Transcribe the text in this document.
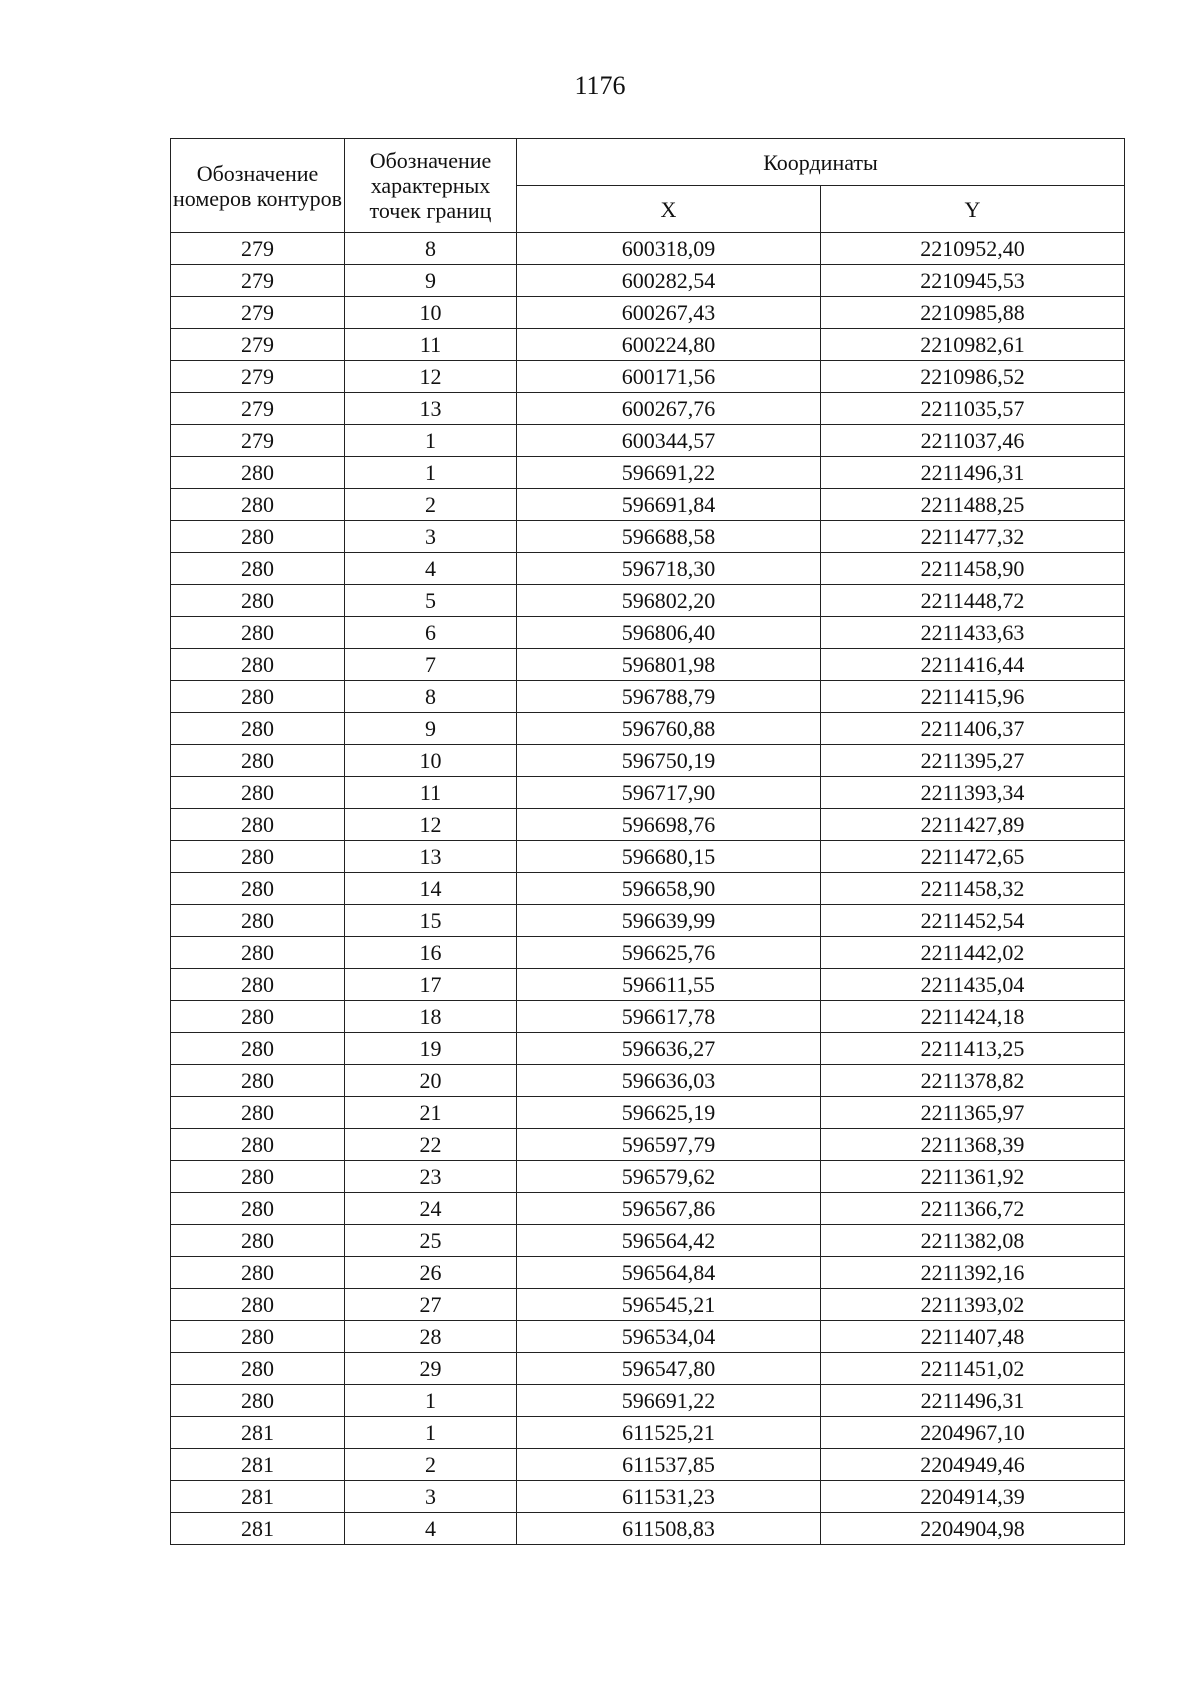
1176
Обозначение номеров контуров	Обозначение характерных точек границ	Координаты	
		X	Y
279	8	600318,09	2210952,40
279	9	600282,54	2210945,53
279	10	600267,43	2210985,88
279	11	600224,80	2210982,61
279	12	600171,56	2210986,52
279	13	600267,76	2211035,57
279	1	600344,57	2211037,46
280	1	596691,22	2211496,31
280	2	596691,84	2211488,25
280	3	596688,58	2211477,32
280	4	596718,30	2211458,90
280	5	596802,20	2211448,72
280	6	596806,40	2211433,63
280	7	596801,98	2211416,44
280	8	596788,79	2211415,96
280	9	596760,88	2211406,37
280	10	596750,19	2211395,27
280	11	596717,90	2211393,34
280	12	596698,76	2211427,89
280	13	596680,15	2211472,65
280	14	596658,90	2211458,32
280	15	596639,99	2211452,54
280	16	596625,76	2211442,02
280	17	596611,55	2211435,04
280	18	596617,78	2211424,18
280	19	596636,27	2211413,25
280	20	596636,03	2211378,82
280	21	596625,19	2211365,97
280	22	596597,79	2211368,39
280	23	596579,62	2211361,92
280	24	596567,86	2211366,72
280	25	596564,42	2211382,08
280	26	596564,84	2211392,16
280	27	596545,21	2211393,02
280	28	596534,04	2211407,48
280	29	596547,80	2211451,02
280	1	596691,22	2211496,31
281	1	611525,21	2204967,10
281	2	611537,85	2204949,46
281	3	611531,23	2204914,39
281	4	611508,83	2204904,98
